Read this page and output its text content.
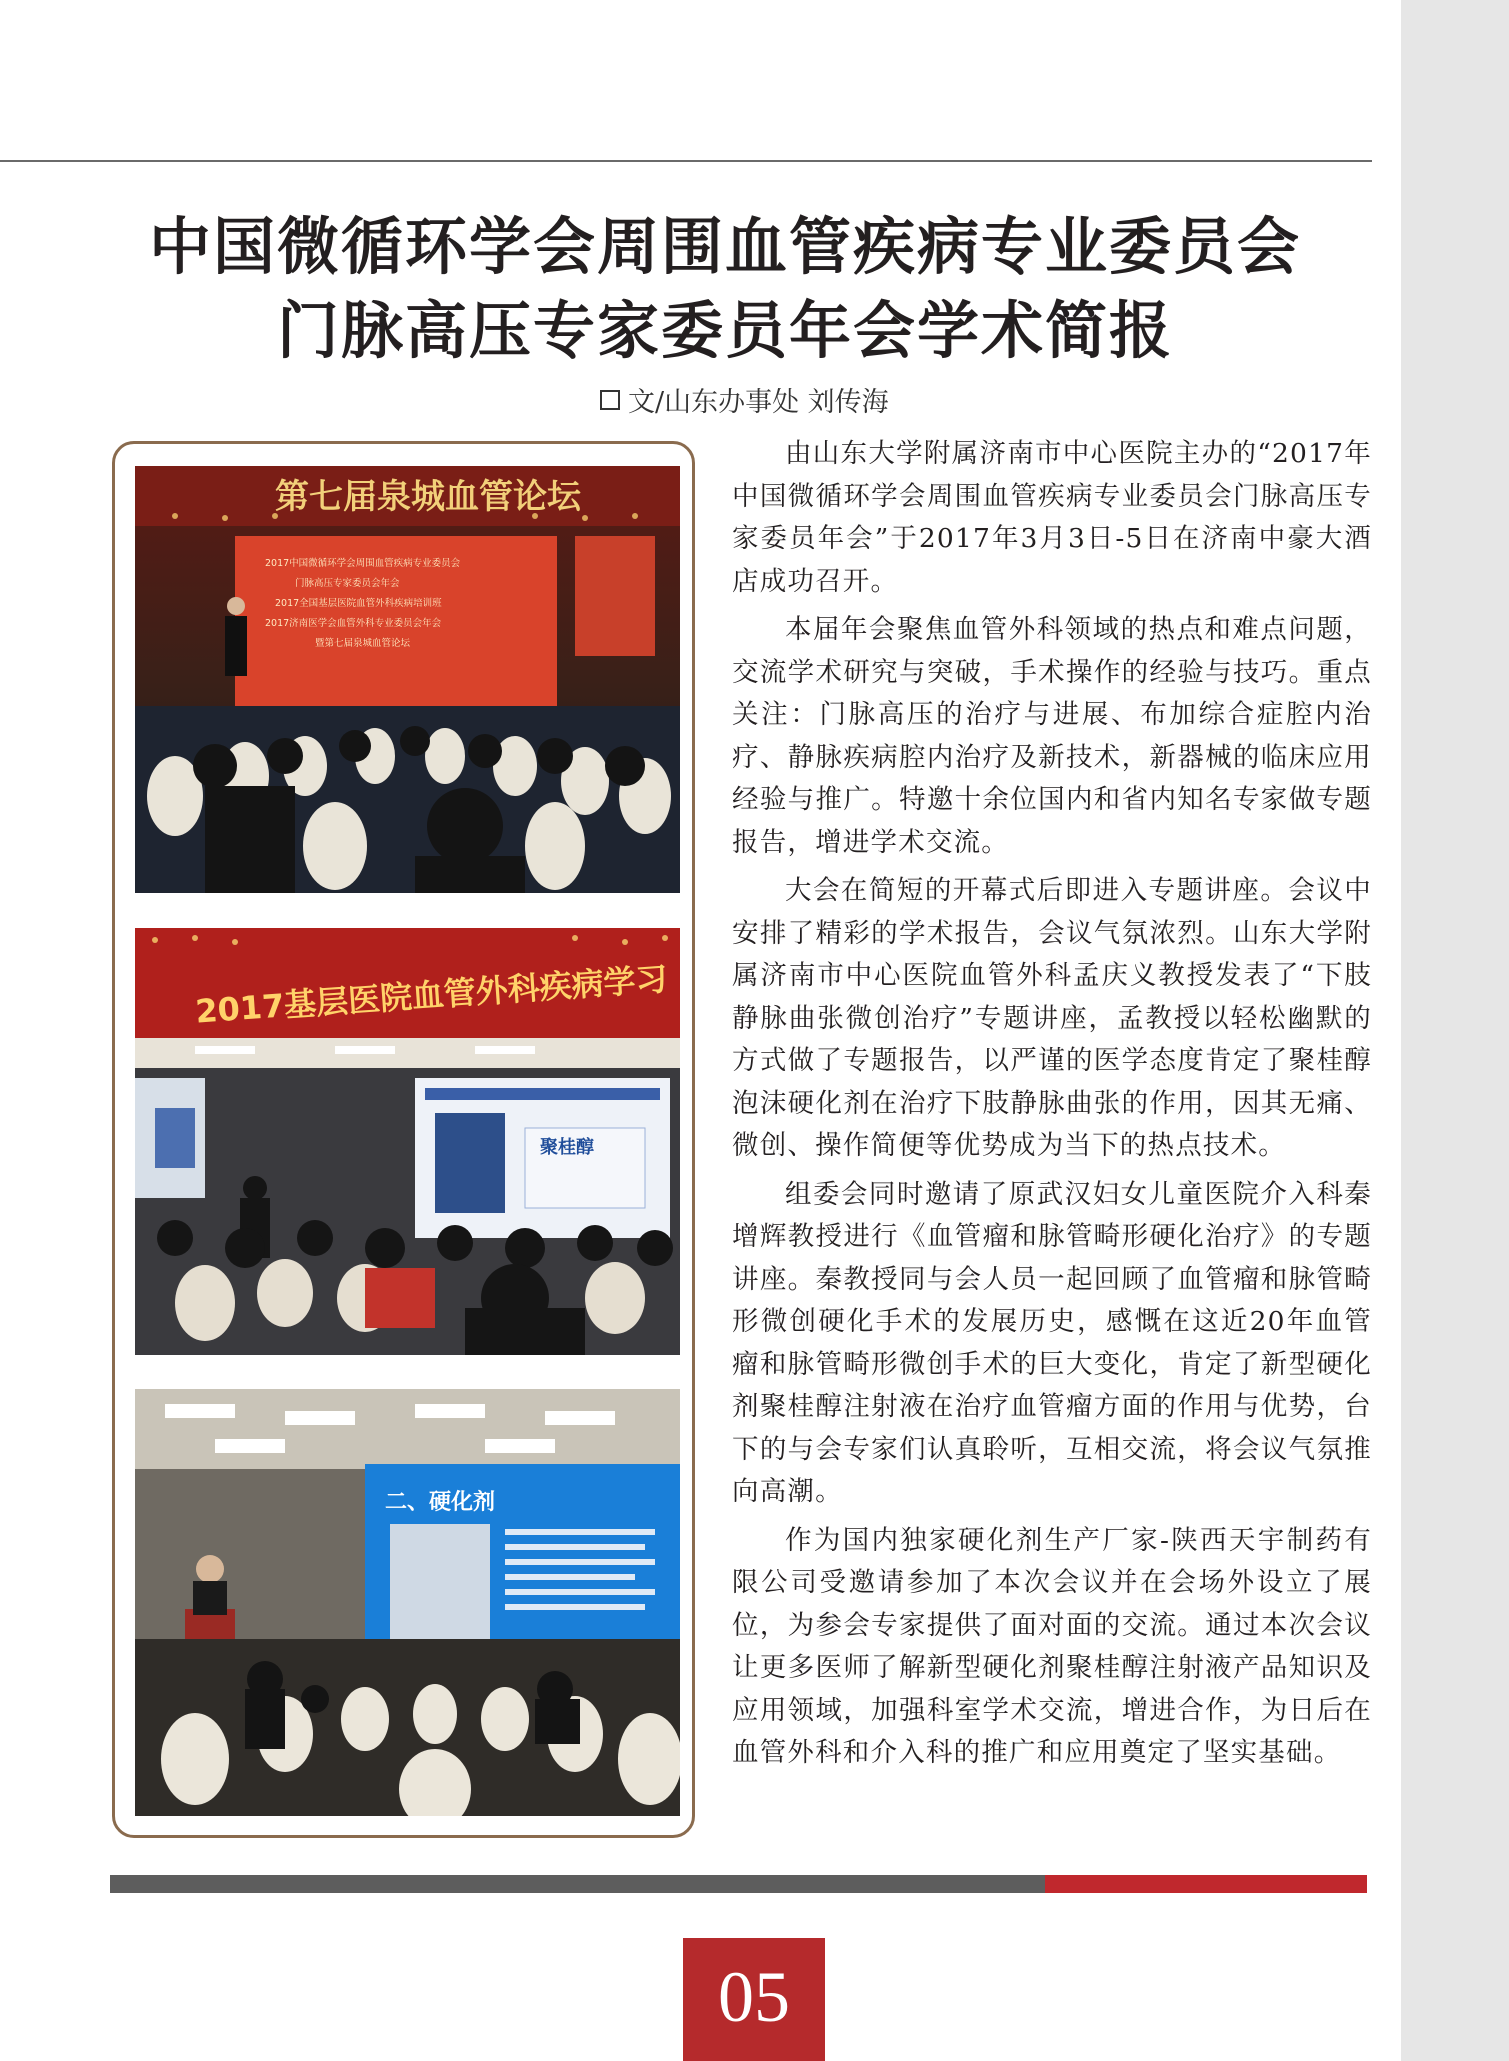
中国微循环学会周围血管疾病专业委员会
门脉高压专家委员年会学术简报
文/山东办事处 刘传海
第七届泉城血管论坛
2017中国微循环学会周围血管疾病专业委员会
门脉高压专家委员会年会
2017全国基层医院血管外科疾病培训班
2017济南医学会血管外科专业委员会年会
暨第七届泉城血管论坛
2017基层医院血管外科疾病学习
聚桂醇
二、硬化剂

由山东大学附属济南市中心医院主办的“2017年中国微循环学会周围血管疾病专业委员会门脉高压专家委员年会”于2017年3月3日-5日在济南中豪大酒店成功召开。

本届年会聚焦血管外科领域的热点和难点问题，交流学术研究与突破，手术操作的经验与技巧。重点关注：门脉高压的治疗与进展、布加综合症腔内治疗、静脉疾病腔内治疗及新技术，新器械的临床应用经验与推广。特邀十余位国内和省内知名专家做专题报告，增进学术交流。

大会在简短的开幕式后即进入专题讲座。会议中安排了精彩的学术报告，会议气氛浓烈。山东大学附属济南市中心医院血管外科孟庆义教授发表了“下肢静脉曲张微创治疗”专题讲座，孟教授以轻松幽默的方式做了专题报告，以严谨的医学态度肯定了聚桂醇泡沫硬化剂在治疗下肢静脉曲张的作用，因其无痛、微创、操作简便等优势成为当下的热点技术。

组委会同时邀请了原武汉妇女儿童医院介入科秦增辉教授进行《血管瘤和脉管畸形硬化治疗》的专题讲座。秦教授同与会人员一起回顾了血管瘤和脉管畸形微创硬化手术的发展历史，感慨在这近20年血管瘤和脉管畸形微创手术的巨大变化，肯定了新型硬化剂聚桂醇注射液在治疗血管瘤方面的作用与优势，台下的与会专家们认真聆听，互相交流，将会议气氛推向高潮。

作为国内独家硬化剂生产厂家-陕西天宇制药有限公司受邀请参加了本次会议并在会场外设立了展位，为参会专家提供了面对面的交流。通过本次会议让更多医师了解新型硬化剂聚桂醇注射液产品知识及应用领域，加强科室学术交流，增进合作，为日后在血管外科和介入科的推广和应用奠定了坚实基础。

05
